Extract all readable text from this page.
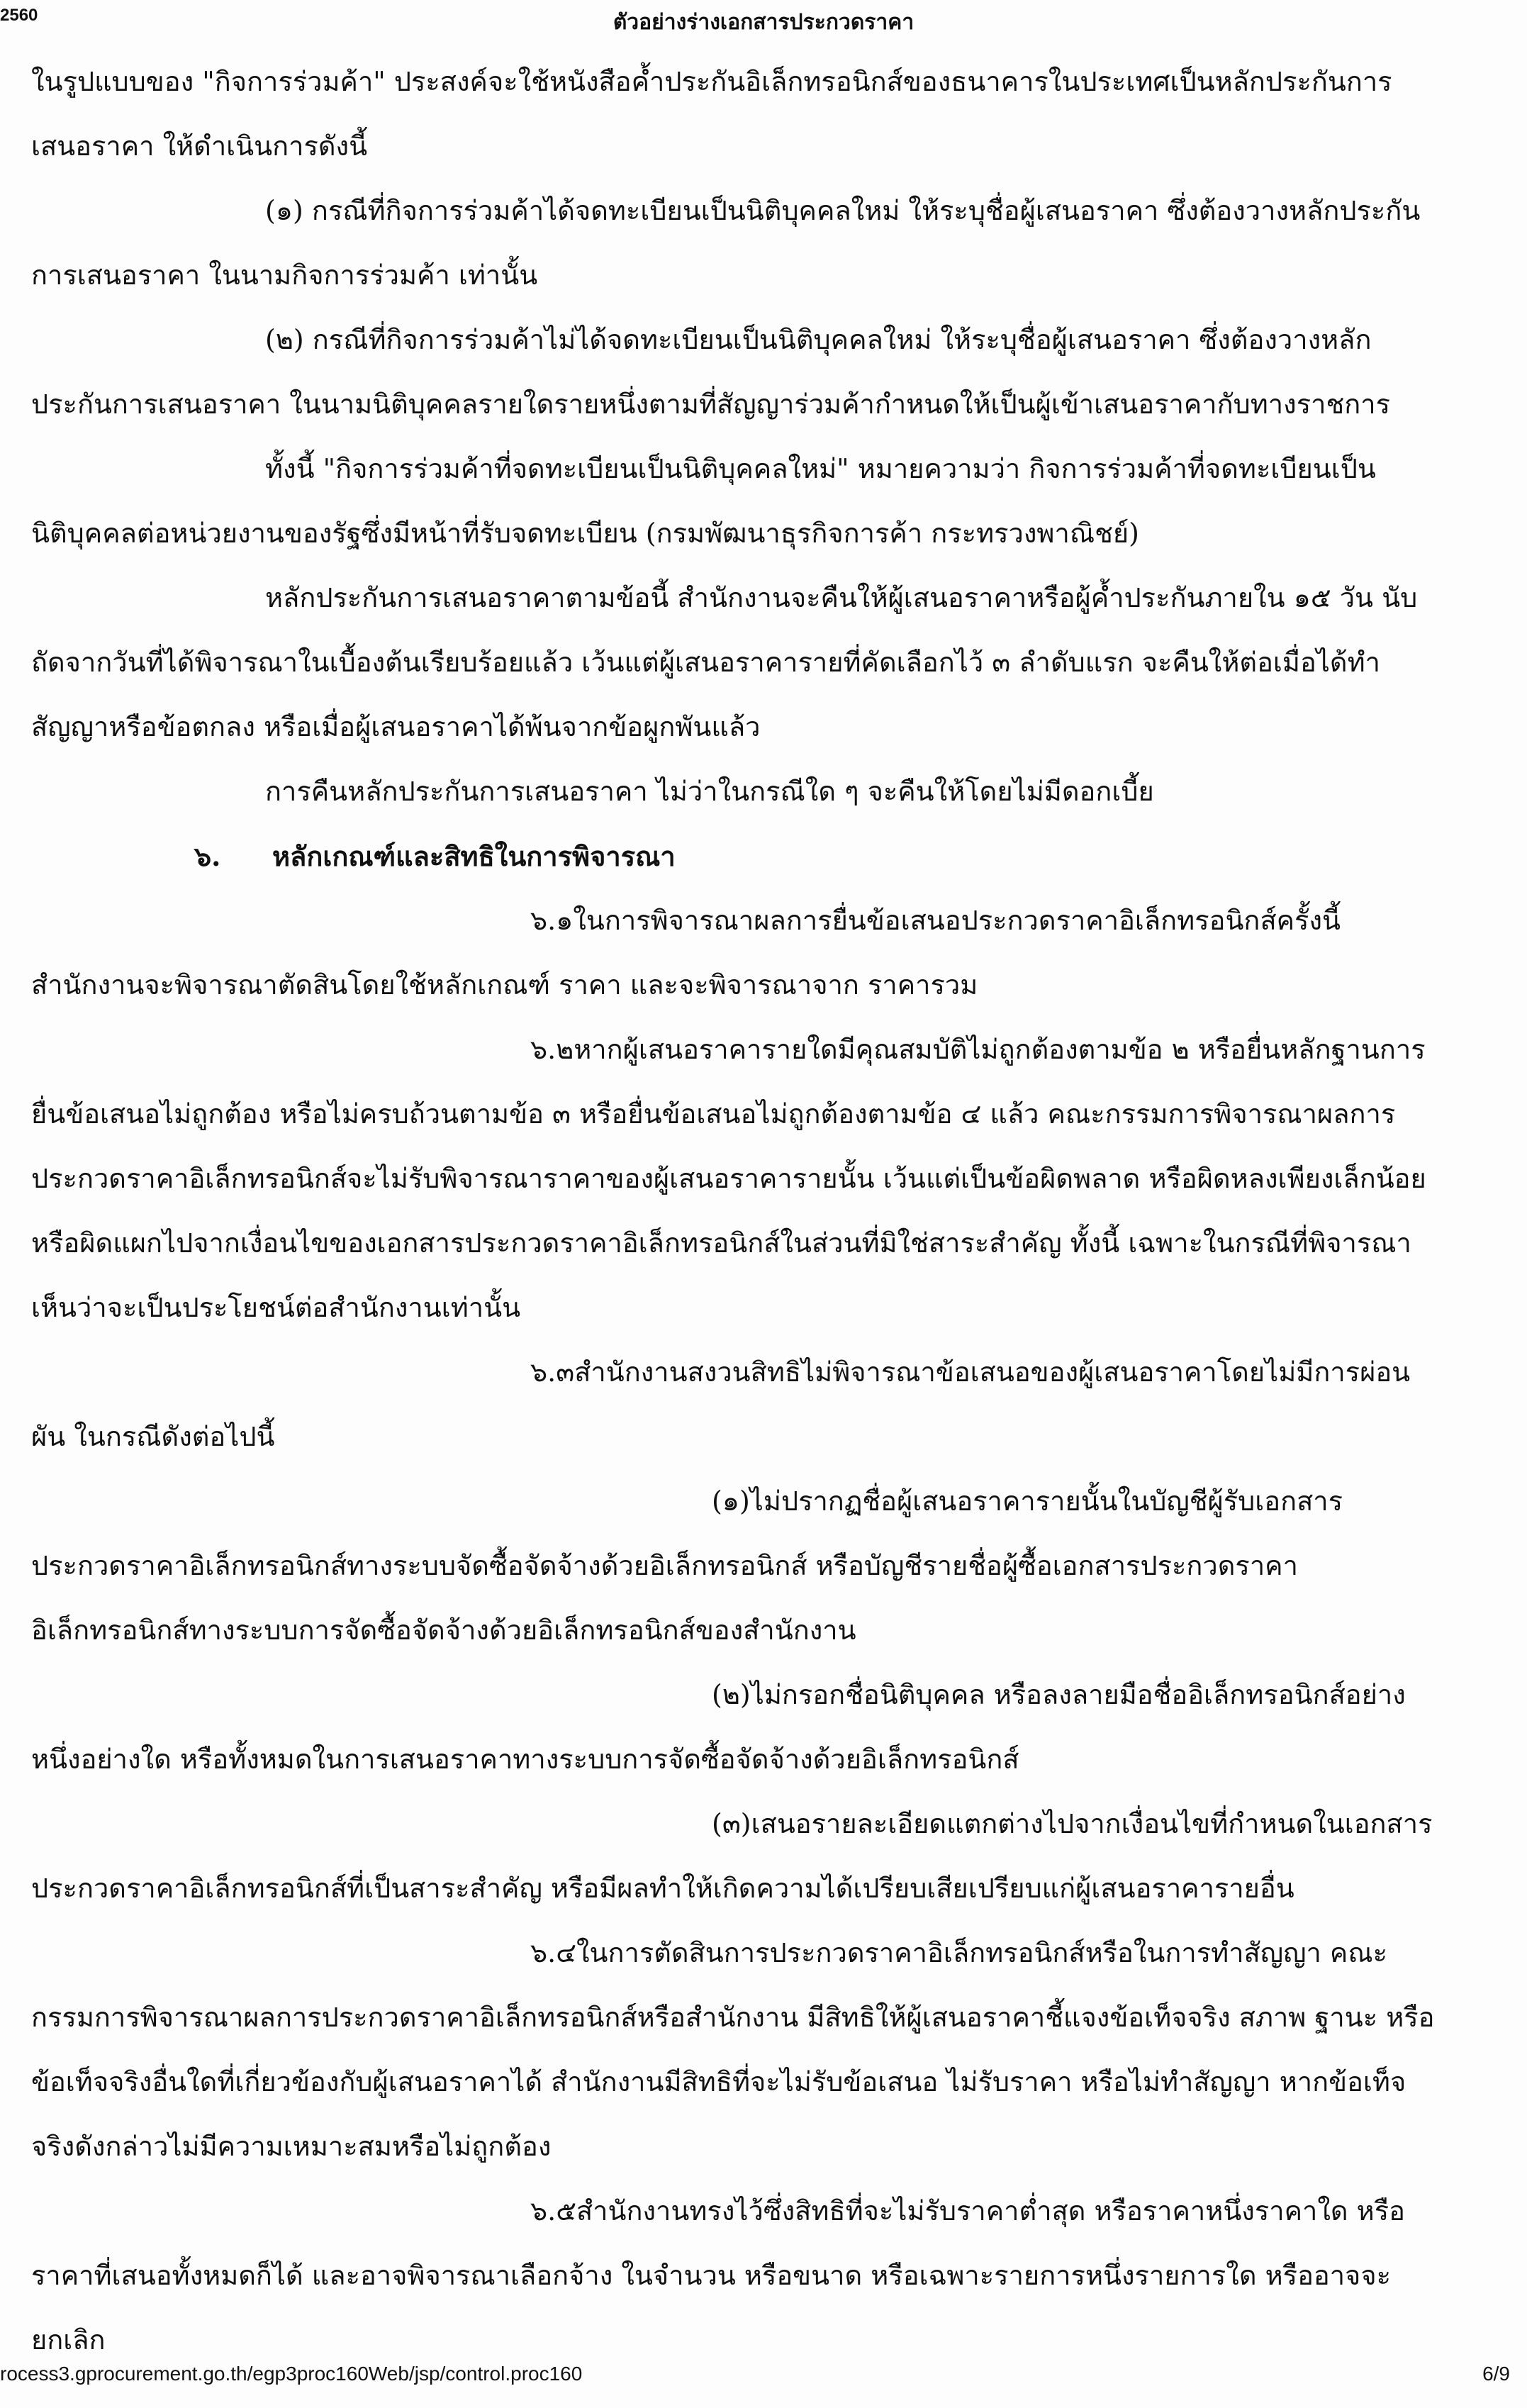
2560	ตัวอย่างร่างเอกสารประกวดราคา

ในรูปแบบของ "กิจการร่วมค้า" ประสงค์จะใช้หนังสือค้ำประกันอิเล็กทรอนิกส์ของธนาคารในประเทศเป็นหลักประกันการเสนอราคา ให้ดำเนินการดังนี้

(๑) กรณีที่กิจการร่วมค้าได้จดทะเบียนเป็นนิติบุคคลใหม่ ให้ระบุชื่อผู้เสนอราคา ซึ่งต้องวางหลักประกันการเสนอราคา ในนามกิจการร่วมค้า เท่านั้น

(๒) กรณีที่กิจการร่วมค้าไม่ได้จดทะเบียนเป็นนิติบุคคลใหม่ ให้ระบุชื่อผู้เสนอราคา ซึ่งต้องวางหลักประกันการเสนอราคา ในนามนิติบุคคลรายใดรายหนึ่งตามที่สัญญาร่วมค้ากำหนดให้เป็นผู้เข้าเสนอราคากับทางราชการ

ทั้งนี้ "กิจการร่วมค้าที่จดทะเบียนเป็นนิติบุคคลใหม่" หมายความว่า กิจการร่วมค้าที่จดทะเบียนเป็นนิติบุคคลต่อหน่วยงานของรัฐซึ่งมีหน้าที่รับจดทะเบียน (กรมพัฒนาธุรกิจการค้า กระทรวงพาณิชย์)

หลักประกันการเสนอราคาตามข้อนี้ สำนักงานจะคืนให้ผู้เสนอราคาหรือผู้ค้ำประกันภายใน ๑๕ วัน นับถัดจากวันที่ได้พิจารณาในเบื้องต้นเรียบร้อยแล้ว เว้นแต่ผู้เสนอราคารายที่คัดเลือกไว้ ๓ ลำดับแรก จะคืนให้ต่อเมื่อได้ทำสัญญาหรือข้อตกลง หรือเมื่อผู้เสนอราคาได้พ้นจากข้อผูกพันแล้ว

การคืนหลักประกันการเสนอราคา ไม่ว่าในกรณีใด ๆ จะคืนให้โดยไม่มีดอกเบี้ย

๖. หลักเกณฑ์และสิทธิในการพิจารณา

๖.๑ในการพิจารณาผลการยื่นข้อเสนอประกวดราคาอิเล็กทรอนิกส์ครั้งนี้ สำนักงานจะพิจารณาตัดสินโดยใช้หลักเกณฑ์ ราคา และจะพิจารณาจาก ราคารวม

๖.๒หากผู้เสนอราคารายใดมีคุณสมบัติไม่ถูกต้องตามข้อ ๒ หรือยื่นหลักฐานการยื่นข้อเสนอไม่ถูกต้อง หรือไม่ครบถ้วนตามข้อ ๓ หรือยื่นข้อเสนอไม่ถูกต้องตามข้อ ๔ แล้ว คณะกรรมการพิจารณาผลการประกวดราคาอิเล็กทรอนิกส์จะไม่รับพิจารณาราคาของผู้เสนอราคารายนั้น เว้นแต่เป็นข้อผิดพลาด หรือผิดหลงเพียงเล็กน้อย หรือผิดแผกไปจากเงื่อนไขของเอกสารประกวดราคาอิเล็กทรอนิกส์ในส่วนที่มิใช่สาระสำคัญ ทั้งนี้ เฉพาะในกรณีที่พิจารณาเห็นว่าจะเป็นประโยชน์ต่อสำนักงานเท่านั้น

๖.๓สำนักงานสงวนสิทธิไม่พิจารณาข้อเสนอของผู้เสนอราคาโดยไม่มีการผ่อนผัน ในกรณีดังต่อไปนี้

(๑)ไม่ปรากฏชื่อผู้เสนอราคารายนั้นในบัญชีผู้รับเอกสารประกวดราคาอิเล็กทรอนิกส์ทางระบบจัดซื้อจัดจ้างด้วยอิเล็กทรอนิกส์ หรือบัญชีรายชื่อผู้ซื้อเอกสารประกวดราคาอิเล็กทรอนิกส์ทางระบบการจัดซื้อจัดจ้างด้วยอิเล็กทรอนิกส์ของสำนักงาน

(๒)ไม่กรอกชื่อนิติบุคคล หรือลงลายมือชื่ออิเล็กทรอนิกส์อย่างหนึ่งอย่างใด หรือทั้งหมดในการเสนอราคาทางระบบการจัดซื้อจัดจ้างด้วยอิเล็กทรอนิกส์

(๓)เสนอรายละเอียดแตกต่างไปจากเงื่อนไขที่กำหนดในเอกสารประกวดราคาอิเล็กทรอนิกส์ที่เป็นสาระสำคัญ หรือมีผลทำให้เกิดความได้เปรียบเสียเปรียบแก่ผู้เสนอราคารายอื่น

๖.๔ในการตัดสินการประกวดราคาอิเล็กทรอนิกส์หรือในการทำสัญญา คณะกรรมการพิจารณาผลการประกวดราคาอิเล็กทรอนิกส์หรือสำนักงาน มีสิทธิให้ผู้เสนอราคาชี้แจงข้อเท็จจริง สภาพ ฐานะ หรือข้อเท็จจริงอื่นใดที่เกี่ยวข้องกับผู้เสนอราคาได้ สำนักงานมีสิทธิที่จะไม่รับข้อเสนอ ไม่รับราคา หรือไม่ทำสัญญา หากข้อเท็จจริงดังกล่าวไม่มีความเหมาะสมหรือไม่ถูกต้อง

๖.๕สำนักงานทรงไว้ซึ่งสิทธิที่จะไม่รับราคาต่ำสุด หรือราคาหนึ่งราคาใด หรือราคาที่เสนอทั้งหมดก็ได้ และอาจพิจารณาเลือกจ้าง ในจำนวน หรือขนาด หรือเฉพาะรายการหนึ่งรายการใด หรืออาจจะยกเลิก

rocess3.gprocurement.go.th/egp3proc160Web/jsp/control.proc160	6/9
